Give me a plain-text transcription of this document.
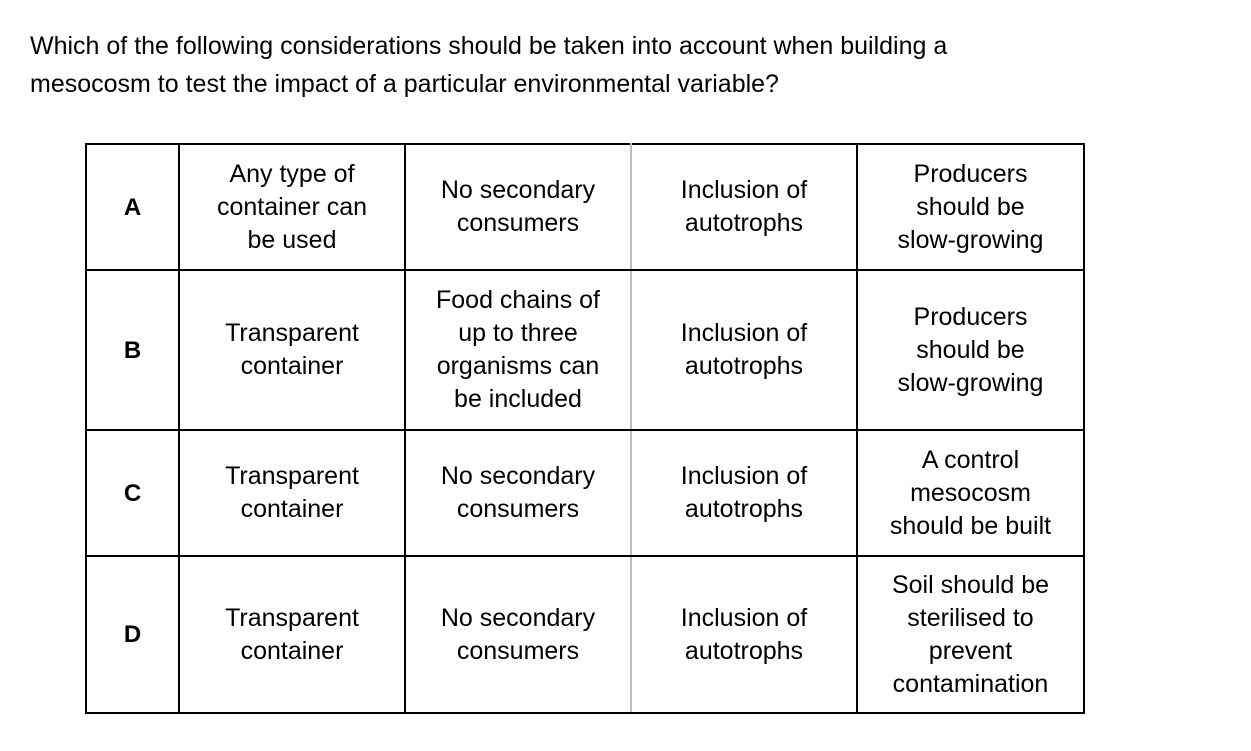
Which of the following considerations should be taken into account when building a
mesocosm to test the impact of a particular environmental variable?
A	Any type of
container can
be used	No secondary
consumers	Inclusion of
autotrophs	Producers
should be
slow-growing
B	Transparent
container	Food chains of
up to three
organisms can
be included	Inclusion of
autotrophs	Producers
should be
slow-growing
C	Transparent
container	No secondary
consumers	Inclusion of
autotrophs	A control
mesocosm
should be built
D	Transparent
container	No secondary
consumers	Inclusion of
autotrophs	Soil should be
sterilised to
prevent
contamination
